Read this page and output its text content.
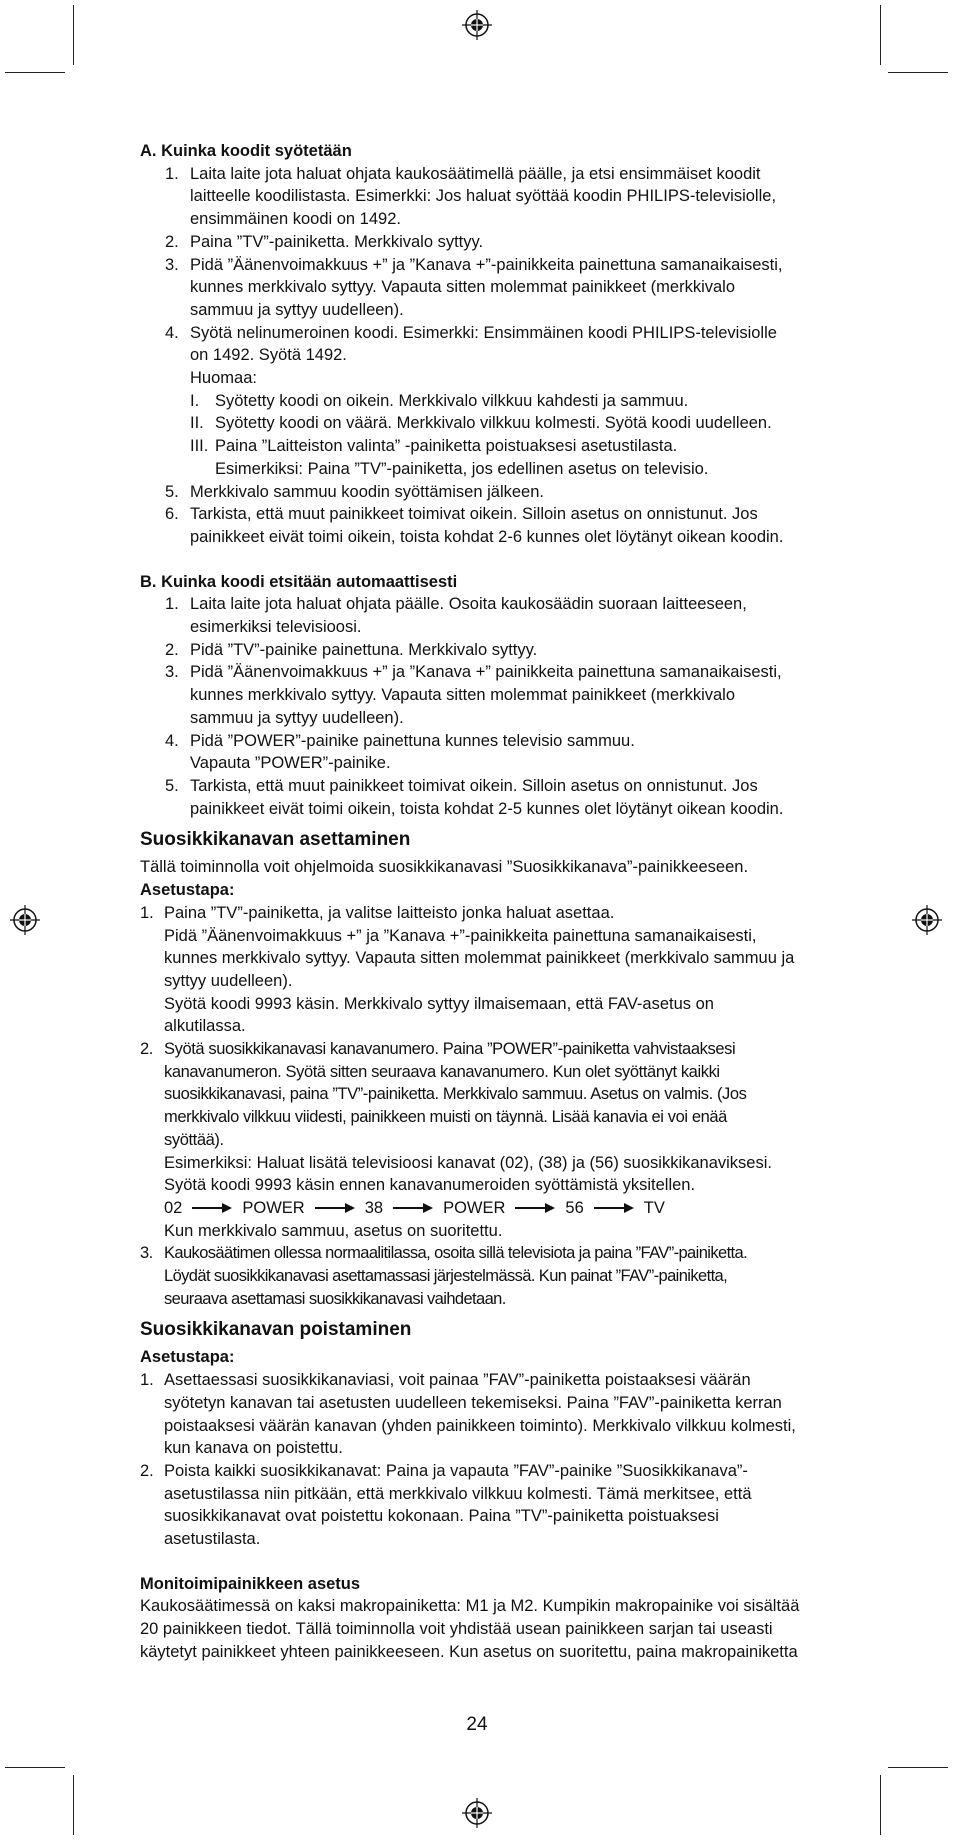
A. Kuinka koodit syötetään
1. Laita laite jota haluat ohjata kaukosäätimellä päälle, ja etsi ensimmäiset koodit
laitteelle koodilistasta. Esimerkki: Jos haluat syöttää koodin PHILIPS-televisiolle,
ensimmäinen koodi on 1492.
2. Paina ”TV”-painiketta. Merkkivalo syttyy.
3. Pidä ”Äänenvoimakkuus +” ja ”Kanava +”-painikkeita painettuna samanaikaisesti,
kunnes merkkivalo syttyy. Vapauta sitten molemmat painikkeet (merkkivalo
sammuu ja syttyy uudelleen).
4. Syötä nelinumeroinen koodi. Esimerkki: Ensimmäinen koodi PHILIPS-televisiolle
on 1492. Syötä 1492.
Huomaa:
I. Syötetty koodi on oikein. Merkkivalo vilkkuu kahdesti ja sammuu.
II. Syötetty koodi on väärä. Merkkivalo vilkkuu kolmesti. Syötä koodi uudelleen.
III. Paina ”Laitteiston valinta” -painiketta poistuaksesi asetustilasta.
Esimerkiksi: Paina ”TV”-painiketta, jos edellinen asetus on televisio.
5. Merkkivalo sammuu koodin syöttämisen jälkeen.
6. Tarkista, että muut painikkeet toimivat oikein. Silloin asetus on onnistunut. Jos
painikkeet eivät toimi oikein, toista kohdat 2-6 kunnes olet löytänyt oikean koodin.
B. Kuinka koodi etsitään automaattisesti
1. Laita laite jota haluat ohjata päälle. Osoita kaukosäädin suoraan laitteeseen,
esimerkiksi televisioosi.
2. Pidä ”TV”-painike painettuna. Merkkivalo syttyy.
3. Pidä ”Äänenvoimakkuus +” ja ”Kanava +” painikkeita painettuna samanaikaisesti,
kunnes merkkivalo syttyy. Vapauta sitten molemmat painikkeet (merkkivalo
sammuu ja syttyy uudelleen).
4. Pidä ”POWER”-painike painettuna kunnes televisio sammuu.
Vapauta ”POWER”-painike.
5. Tarkista, että muut painikkeet toimivat oikein. Silloin asetus on onnistunut. Jos
painikkeet eivät toimi oikein, toista kohdat 2-5 kunnes olet löytänyt oikean koodin.
Suosikkikanavan asettaminen
Tällä toiminnolla voit ohjelmoida suosikkikanavasi ”Suosikkikanava”-painikkeeseen.
Asetustapa:
1. Paina ”TV”-painiketta, ja valitse laitteisto jonka haluat asettaa.
Pidä ”Äänenvoimakkuus +” ja ”Kanava +”-painikkeita painettuna samanaikaisesti,
kunnes merkkivalo syttyy. Vapauta sitten molemmat painikkeet (merkkivalo sammuu ja
syttyy uudelleen).
Syötä koodi 9993 käsin. Merkkivalo syttyy ilmaisemaan, että FAV-asetus on
alkutilassa.
2. Syötä suosikkikanavasi kanavanumero. Paina ”POWER”-painiketta vahvistaaksesi
kanavanumeron. Syötä sitten seuraava kanavanumero. Kun olet syöttänyt kaikki
suosikkikanavasi, paina ”TV”-painiketta. Merkkivalo sammuu. Asetus on valmis. (Jos
merkkivalo vilkkuu viidesti, painikkeen muisti on täynnä. Lisää kanavia ei voi enää
syöttää).
Esimerkiksi: Haluat lisätä televisioosi kanavat (02), (38) ja (56) suosikkikanaviksesi.
Syötä koodi 9993 käsin ennen kanavanumeroiden syöttämistä yksitellen.
02	POWER	38	POWER	56	TV
Kun merkkivalo sammuu, asetus on suoritettu.
3. Kaukosäätimen ollessa normaalitilassa, osoita sillä televisiota ja paina ”FAV”-painiketta.
Löydät suosikkikanavasi asettamassasi järjestelmässä. Kun painat ”FAV”-painiketta,
seuraava asettamasi suosikkikanavasi vaihdetaan.
Suosikkikanavan poistaminen
Asetustapa:
1. Asettaessasi suosikkikanaviasi, voit painaa ”FAV”-painiketta poistaaksesi väärän
syötetyn kanavan tai asetusten uudelleen tekemiseksi. Paina ”FAV”-painiketta kerran
poistaaksesi väärän kanavan (yhden painikkeen toiminto). Merkkivalo vilkkuu kolmesti,
kun kanava on poistettu.
2. Poista kaikki suosikkikanavat: Paina ja vapauta ”FAV”-painike ”Suosikkikanava”-
asetustilassa niin pitkään, että merkkivalo vilkkuu kolmesti. Tämä merkitsee, että
suosikkikanavat ovat poistettu kokonaan. Paina ”TV”-painiketta poistuaksesi
asetustilasta.
Monitoimipainikkeen asetus
Kaukosäätimessä on kaksi makropainiketta: M1 ja M2. Kumpikin makropainike voi sisältää
20 painikkeen tiedot. Tällä toiminnolla voit yhdistää usean painikkeen sarjan tai useasti
käytetyt painikkeet yhteen painikkeeseen. Kun asetus on suoritettu, paina makropainiketta
24
